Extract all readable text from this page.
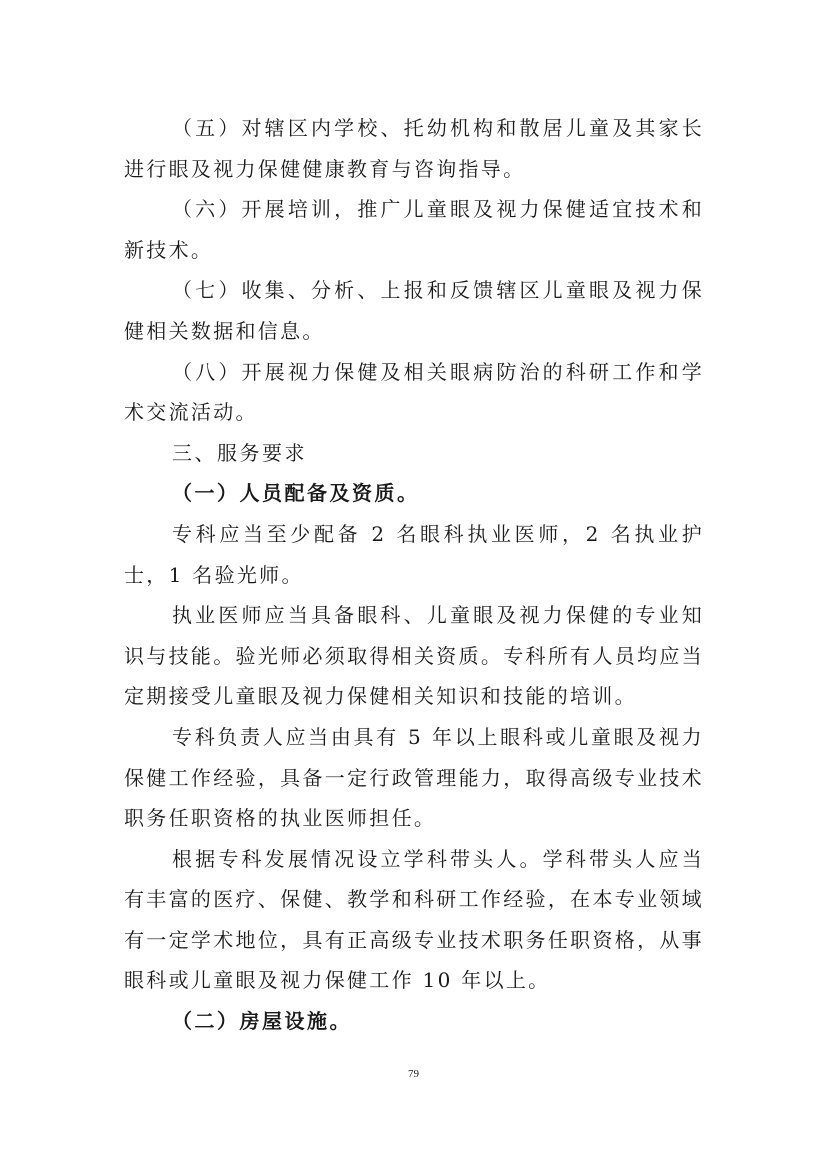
（五）对辖区内学校、托幼机构和散居儿童及其家长进行眼及视力保健健康教育与咨询指导。

（六）开展培训，推广儿童眼及视力保健适宜技术和新技术。

（七）收集、分析、上报和反馈辖区儿童眼及视力保健相关数据和信息。

（八）开展视力保健及相关眼病防治的科研工作和学术交流活动。

三、服务要求

（一）人员配备及资质。

专科应当至少配备 2 名眼科执业医师，2 名执业护士，1 名验光师。

执业医师应当具备眼科、儿童眼及视力保健的专业知识与技能。验光师必须取得相关资质。专科所有人员均应当定期接受儿童眼及视力保健相关知识和技能的培训。

专科负责人应当由具有 5 年以上眼科或儿童眼及视力保健工作经验，具备一定行政管理能力，取得高级专业技术职务任职资格的执业医师担任。

根据专科发展情况设立学科带头人。学科带头人应当有丰富的医疗、保健、教学和科研工作经验，在本专业领域有一定学术地位，具有正高级专业技术职务任职资格，从事眼科或儿童眼及视力保健工作 10 年以上。

（二）房屋设施。

79
